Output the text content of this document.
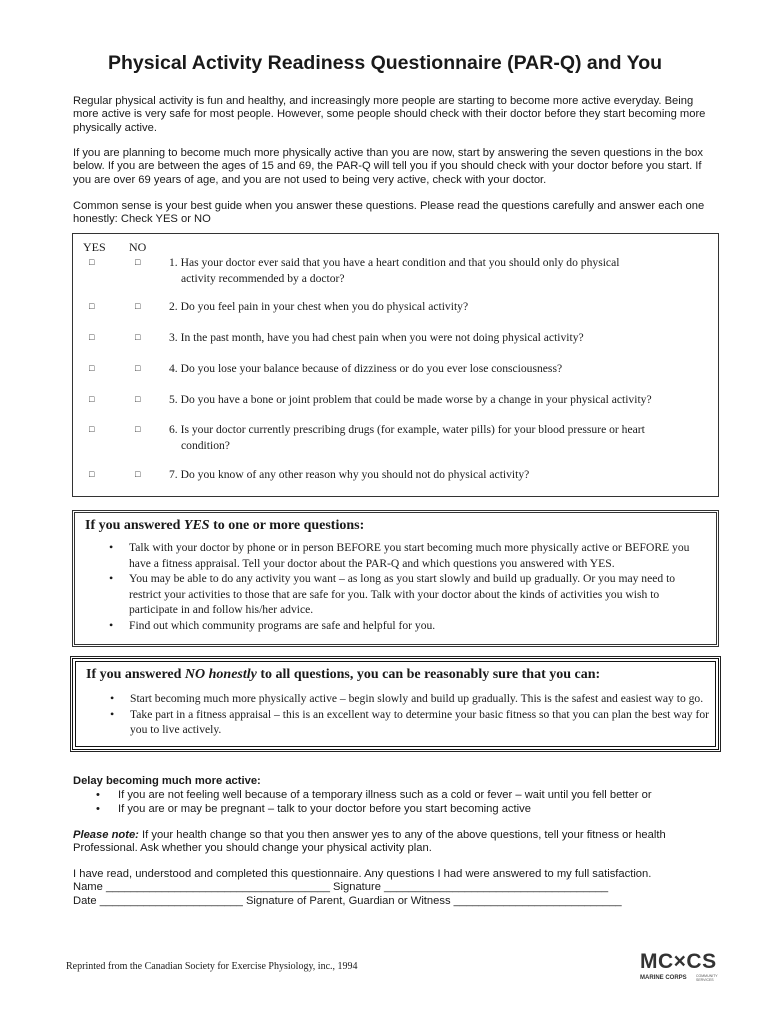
Physical Activity Readiness Questionnaire (PAR-Q) and You

Regular physical activity is fun and healthy, and increasingly more people are starting to become more active everyday. Being more active is very safe for most people. However, some people should check with their doctor before they start becoming more physically active.

If you are planning to become much more physically active than you are now, start by answering the seven questions in the box below. If you are between the ages of 15 and 69, the PAR-Q will tell you if you should check with your doctor before you start. If you are over 69 years of age, and you are not used to being very active, check with your doctor.

Common sense is your best guide when you answer these questions. Please read the questions carefully and answer each one honestly: Check YES or NO

YES NO
□	□ 1. Has your doctor ever said that you have a heart condition and that you should only do physical
activity recommended by a doctor?
□	□ 2. Do you feel pain in your chest when you do physical activity?
□	□ 3. In the past month, have you had chest pain when you were not doing physical activity?
□	□ 4. Do you lose your balance because of dizziness or do you ever lose consciousness?
□	□ 5. Do you have a bone or joint problem that could be made worse by a change in your physical activity?
□	□ 6. Is your doctor currently prescribing drugs (for example, water pills) for your blood pressure or heart
condition?
□	□ 7. Do you know of any other reason why you should not do physical activity?
If you answered YES to one or more questions:
• Talk with your doctor by phone or in person BEFORE you start becoming much more physically active or BEFORE you have a fitness appraisal. Tell your doctor about the PAR-Q and which questions you answered with YES.
• You may be able to do any activity you want – as long as you start slowly and build up gradually. Or you may need to restrict your activities to those that are safe for you. Talk with your doctor about the kinds of activities you wish to participate in and follow his/her advice.
• Find out which community programs are safe and helpful for you.
If you answered NO honestly to all questions, you can be reasonably sure that you can:
• Start becoming much more physically active – begin slowly and build up gradually. This is the safest and easiest way to go.
• Take part in a fitness appraisal – this is an excellent way to determine your basic fitness so that you can plan the best way for you to live actively.
Delay becoming much more active:
• If you are not feeling well because of a temporary illness such as a cold or fever – wait until you fell better or
• If you are or may be pregnant – talk to your doctor before you start becoming active

Please note: If your health change so that you then answer yes to any of the above questions, tell your fitness or health Professional. Ask whether you should change your physical activity plan.

I have read, understood and completed this questionnaire. Any questions I had were answered to my full satisfaction.
Name ____________________________________ Signature ____________________________________
Date _______________________ Signature of Parent, Guardian or Witness ___________________________
Reprinted from the Canadian Society for Exercise Physiology, inc., 1994	MC×CS
MARINE CORPS	COMMUNITY SERVICES
